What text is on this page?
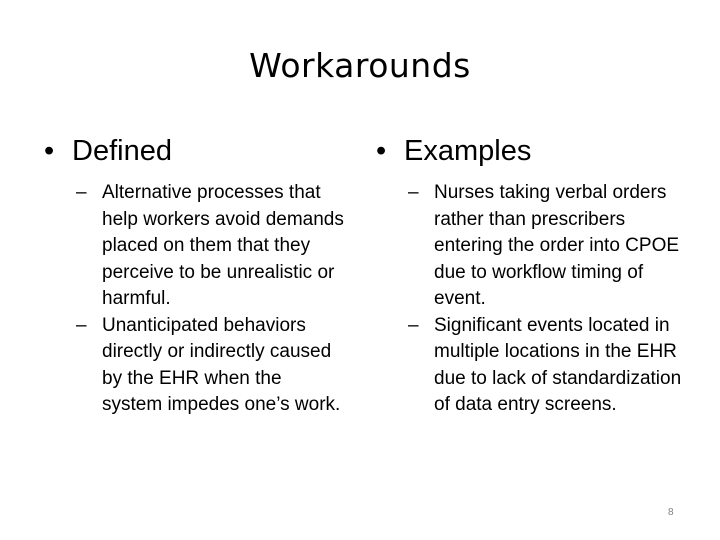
Workarounds
• Defined
– Alternative processes that help workers avoid demands placed on them that they perceive to be unrealistic or harmful.
– Unanticipated behaviors directly or indirectly caused by the EHR when the system impedes one’s work.
• Examples
– Nurses taking verbal orders rather than prescribers entering the order into CPOE due to workflow timing of event.
– Significant events located in multiple locations in the EHR due to lack of standardization of data entry screens.
8
